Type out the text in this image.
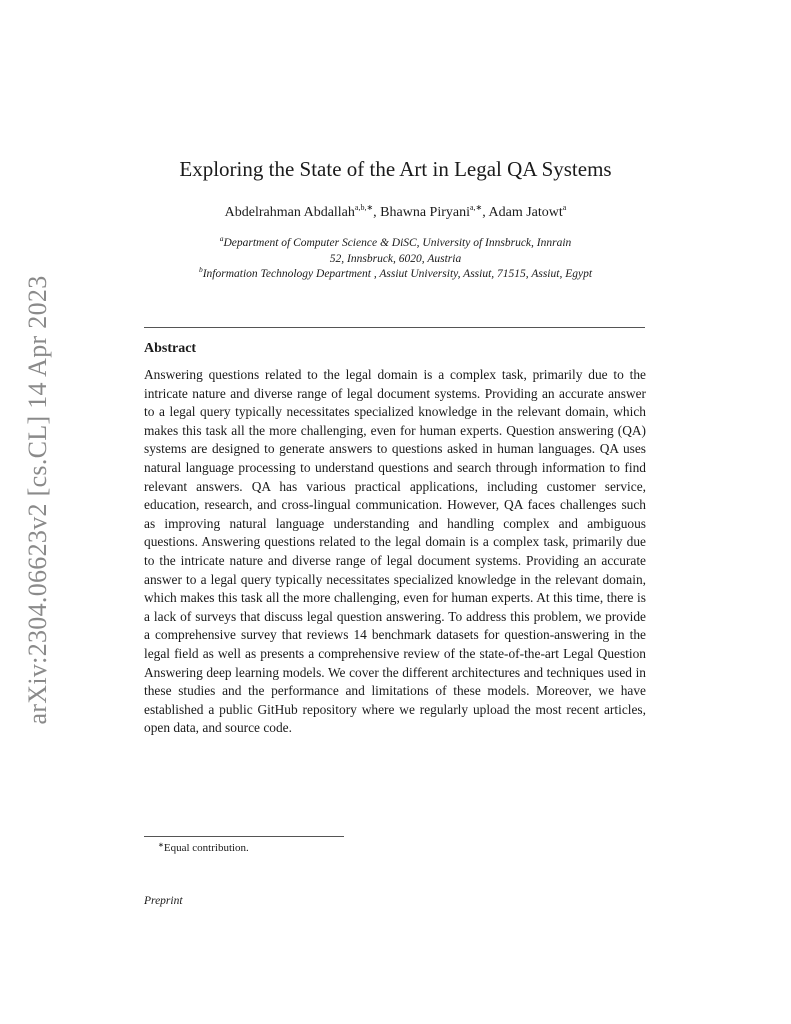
arXiv:2304.06623v2 [cs.CL] 14 Apr 2023
Exploring the State of the Art in Legal QA Systems
Abdelrahman Abdallah$^{a,b,∗}$, Bhawna Piryani$^{a,∗}$, Adam Jatowt$^a$
$^a$Department of Computer Science & DiSC, University of Innsbruck, Innrain
52, Innsbruck, 6020, Austria
$^b$Information Technology Department , Assiut University, Assiut, 71515, Assiut, Egypt
Abstract
Answering questions related to the legal domain is a complex task, primarily due to the intricate nature and diverse range of legal document systems. Providing an accurate answer to a legal query typically necessitates specialized knowledge in the relevant domain, which makes this task all the more challenging, even for human experts. Question answering (QA) systems are designed to generate answers to questions asked in human languages. QA uses natural language processing to understand questions and search through information to find relevant answers. QA has various practical applications, including customer service, education, research, and cross-lingual communication. However, QA faces challenges such as improving natural language understanding and handling complex and ambiguous questions. Answering questions related to the legal domain is a complex task, primarily due to the intricate nature and diverse range of legal document systems. Providing an accurate answer to a legal query typically necessitates specialized knowledge in the relevant domain, which makes this task all the more challenging, even for human experts. At this time, there is a lack of surveys that discuss legal question answering. To address this problem, we provide a comprehensive survey that reviews 14 benchmark datasets for question-answering in the legal field as well as presents a comprehensive review of the state-of-the-art Legal Question Answering deep learning models. We cover the different architectures and techniques used in these studies and the performance and limitations of these models. Moreover, we have established a public GitHub repository where we regularly upload the most recent articles, open data, and source code.
∗Equal contribution.
Preprint
